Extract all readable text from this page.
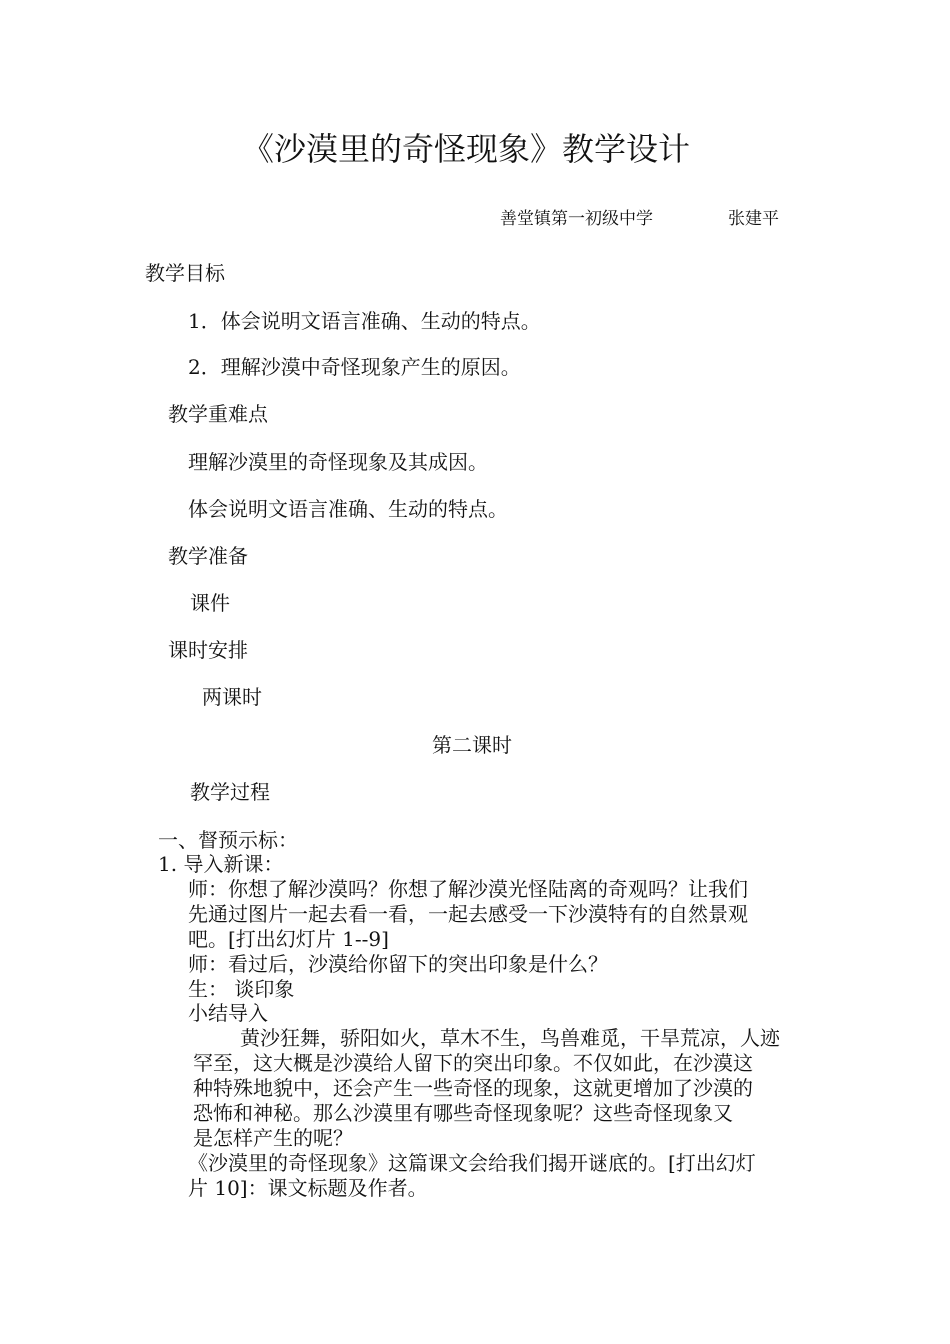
《沙漠里的奇怪现象》教学设计
善堂镇第一初级中学	张建平
教学目标
1．体会说明文语言准确、生动的特点。
2．理解沙漠中奇怪现象产生的原因。
教学重难点
理解沙漠里的奇怪现象及其成因。
体会说明文语言准确、生动的特点。
教学准备
课件
课时安排
两课时
第二课时
教学过程
一、督预示标：
1. 导入新课：
师：你想了解沙漠吗？你想了解沙漠光怪陆离的奇观吗？让我们
先通过图片一起去看一看，一起去感受一下沙漠特有的自然景观
吧。[打出幻灯片 1--9]
师：看过后，沙漠给你留下的突出印象是什么？
生： 谈印象
小结导入
黄沙狂舞，骄阳如火，草木不生，鸟兽难觅，干旱荒凉，人迹
罕至，这大概是沙漠给人留下的突出印象。不仅如此，在沙漠这
种特殊地貌中，还会产生一些奇怪的现象，这就更增加了沙漠的
恐怖和神秘。那么沙漠里有哪些奇怪现象呢？这些奇怪现象又
是怎样产生的呢？
《沙漠里的奇怪现象》这篇课文会给我们揭开谜底的。[打出幻灯
片 10]：课文标题及作者。
